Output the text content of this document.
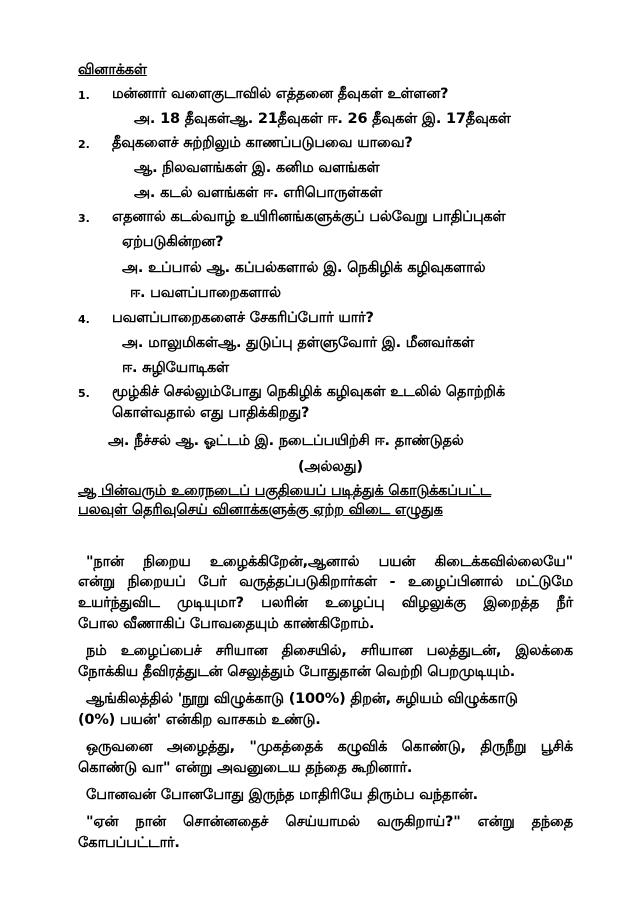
வினாக்கள்
1. மன்னார் வளைகுடாவில் எத்தனை தீவுகள் உள்ளன?
அ. 18 தீவுகள்ஆ. 21தீவுகள் ஈ. 26 தீவுகள் இ. 17தீவுகள்
2. தீவுகளைச் சுற்றிலும் காணப்படுபவை யாவை?
ஆ. நிலவளங்கள் இ. கனிம வளங்கள்
அ. கடல் வளங்கள் ஈ. எரிபொருள்கள்
3. எதனால் கடல்வாழ் உயிரினங்களுக்குப் பல்வேறு பாதிப்புகள்
ஏற்படுகின்றன?
அ. உப்பால் ஆ. கப்பல்களால் இ. நெகிழிக் கழிவுகளால்
ஈ. பவளப்பாறைகளால்
4. பவளப்பாறைகளைச் சேகரிப்போர் யார்?
அ. மாலுமிகள்ஆ. துடுப்பு தள்ளுவோர் இ. மீனவர்கள்
ஈ. சுழியோடிகள்
5. மூழ்கிச் செல்லும்போது நெகிழிக் கழிவுகள் உடலில் தொற்றிக்
கொள்வதால் எது பாதிக்கிறது?
அ. நீச்சல் ஆ. ஓட்டம் இ. நடைப்பயிற்சி ஈ. தாண்டுதல்
(அல்லது)
ஆ பின்வரும் உரைநடைப் பகுதியைப் படித்துக் கொடுக்கப்பட்ட
பலவுள் தெரிவுசெய் வினாக்களுக்கு ஏற்ற விடை எழுதுக
"நான் நிறைய உழைக்கிறேன்,ஆனால் பயன் கிடைக்கவில்லையே"
என்று நிறையப் பேர் வருத்தப்படுகிறார்கள் - உழைப்பினால் மட்டுமே
உயர்ந்துவிட முடியுமா? பலரின் உழைப்பு விழலுக்கு இறைத்த நீர்
போல வீணாகிப் போவதையும் காண்கிறோம்.
நம் உழைப்பைச் சரியான திசையில், சரியான பலத்துடன், இலக்கை
நோக்கிய தீவிரத்துடன் செலுத்தும் போதுதான் வெற்றி பெறமுடியும்.
ஆங்கிலத்தில் 'நூறு விழுக்காடு (100%) திறன், சுழியம் விழுக்காடு
(0%) பயன்' என்கிற வாசகம் உண்டு.
ஒருவனை அழைத்து, "முகத்தைக் கழுவிக் கொண்டு, திருநீறு பூசிக்
கொண்டு வா" என்று அவனுடைய தந்தை கூறினார்.
போனவன் போனபோது இருந்த மாதிரியே திரும்ப வந்தான்.
"ஏன் நான் சொன்னதைச் செய்யாமல் வருகிறாய்?" என்று தந்தை
கோபப்பட்டார்.
